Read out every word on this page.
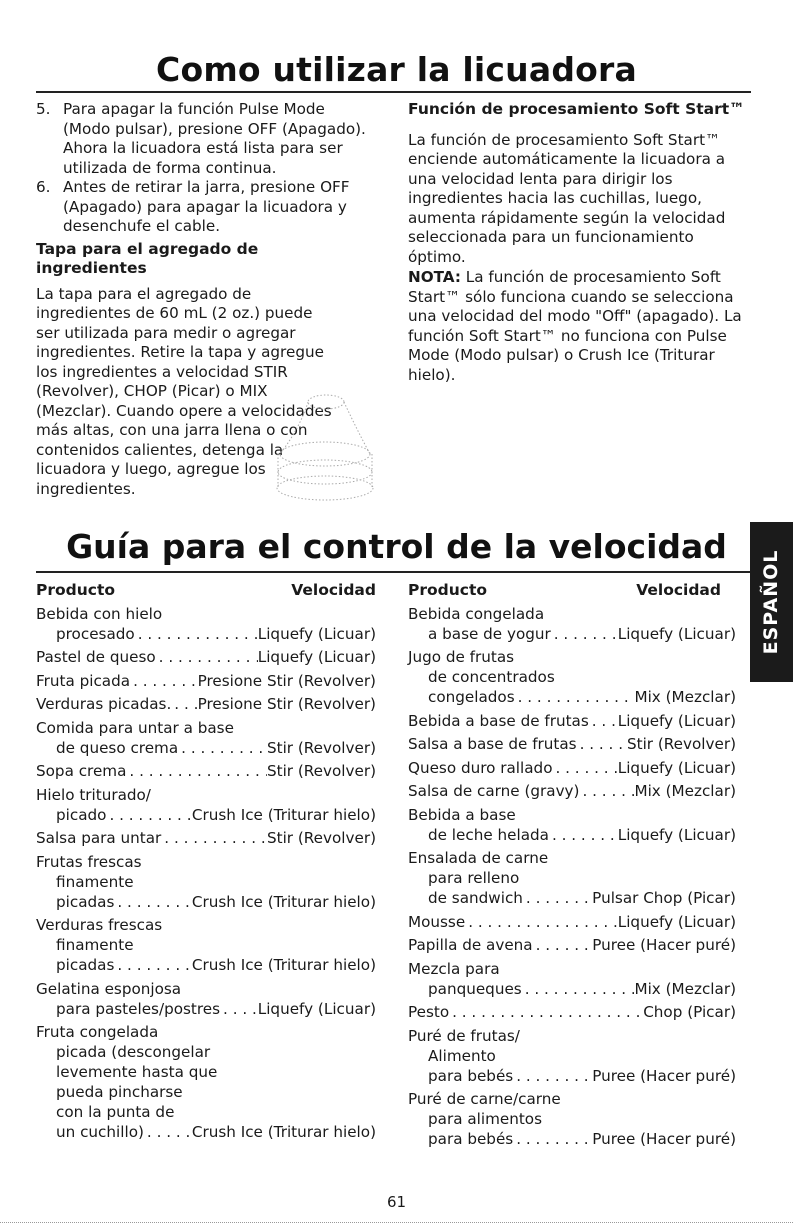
Como utilizar la licuadora
5. Para apagar la función Pulse Mode (Modo pulsar), presione OFF (Apagado). Ahora la licuadora está lista para ser utilizada de forma continua.
6. Antes de retirar la jarra, presione OFF (Apagado) para apagar la licuadora y desenchufe el cable.

Tapa para el agregado de ingredientes

La tapa para el agregado de ingredientes de 60 mL (2 oz.) puede ser utilizada para medir o agregar ingredientes. Retire la tapa y agregue los ingredientes a velocidad STIR (Revolver), CHOP (Picar) o MIX (Mezclar). Cuando opere a velocidades más altas, con una jarra llena o con contenidos calientes, detenga la licuadora y luego, agregue los ingredientes.

Función de procesamiento Soft Start™

La función de procesamiento Soft Start™ enciende automáticamente la licuadora a una velocidad lenta para dirigir los ingredientes hacia las cuchillas, luego, aumenta rápidamente según la velocidad seleccionada para un funcionamiento óptimo.

NOTA: La función de procesamiento Soft Start™ sólo funciona cuando se selecciona una velocidad del modo "Off" (apagado). La función Soft Start™ no funciona con Pulse Mode (Modo pulsar) o Crush Ice (Triturar hielo).

Guía para el control de la velocidad
ESPAÑOL
Producto	Velocidad
Bebida con hielo
procesado . . .	Liquefy (Licuar)
Pastel de queso . . .	Liquefy (Licuar)
Fruta picada . . .	Presione Stir (Revolver)
Verduras picadas. . . . Presione Stir (Revolver)
Comida para untar a base
de queso crema . . .	Stir (Revolver)
Sopa crema . . .	Stir (Revolver)
Hielo triturado/
picado . . .	Crush Ice (Triturar hielo)
Salsa para untar . . .	Stir (Revolver)
Frutas frescas
finamente
picadas . . .	Crush Ice (Triturar hielo)
Verduras frescas
finamente
picadas . . .	Crush Ice (Triturar hielo)
Gelatina esponjosa
para pasteles/postres . . . Liquefy (Licuar)
Fruta congelada
picada (descongelar
levemente hasta que
pueda pincharse
con la punta de
un cuchillo) . . .	Crush Ice (Triturar hielo)
Producto	Velocidad
Bebida congelada
a base de yogur . . .	Liquefy (Licuar)
Jugo de frutas
de concentrados
congelados . . .	Mix (Mezclar)
Bebida a base de frutas . . . Liquefy (Licuar)
Salsa a base de frutas . . .	Stir (Revolver)
Queso duro rallado . . .	Liquefy (Licuar)
Salsa de carne (gravy) . . .	Mix (Mezclar)
Bebida a base
de leche helada . . .	Liquefy (Licuar)
Ensalada de carne
para relleno
de sandwich . . .	Pulsar Chop (Picar)
Mousse . . .	Liquefy (Licuar)
Papilla de avena . . .	Puree (Hacer puré)
Mezcla para
panqueques . . .	Mix (Mezclar)
Pesto . . .	Chop (Picar)
Puré de frutas/
Alimento
para bebés . . .	Puree (Hacer puré)
Puré de carne/carne
para alimentos
para bebés . . .	Puree (Hacer puré)
61
